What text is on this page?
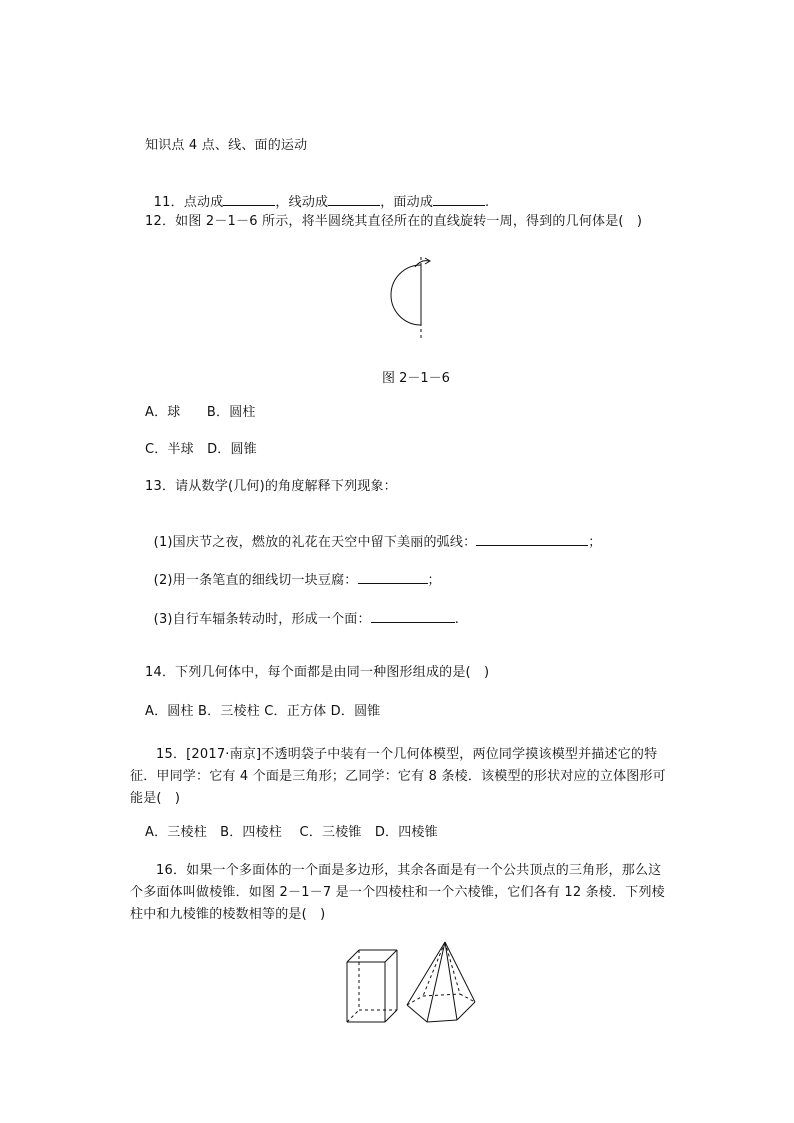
知识点 4 点、线、面的运动

11．点动成	，线动成	，面动成	.

12．如图 2－1－6 所示，将半圆绕其直径所在的直线旋转一周，得到的几何体是(　)
图 2－1－6
A．球　　B．圆柱
C．半球　D．圆锥
13．请从数学(几何)的角度解释下列现象：

(1)国庆节之夜，燃放的礼花在天空中留下美丽的弧线：	；

(2)用一条笔直的细线切一块豆腐：	；

(3)自行车辐条转动时，形成一个面：	.

14．下列几何体中，每个面都是由同一种图形组成的是(　)
A．圆柱 B．三棱柱 C．正方体 D．圆锥
15．[2017·南京]不透明袋子中装有一个几何体模型，两位同学摸该模型并描述它的特征．甲同学：它有 4 个面是三角形；乙同学：它有 8 条棱．该模型的形状对应的立体图形可能是(　)
A．三棱柱　B．四棱柱　 C．三棱锥　D．四棱锥
16．如果一个多面体的一个面是多边形，其余各面是有一个公共顶点的三角形，那么这个多面体叫做棱锥．如图 2－1－7 是一个四棱柱和一个六棱锥，它们各有 12 条棱．下列棱柱中和九棱锥的棱数相等的是(　)
